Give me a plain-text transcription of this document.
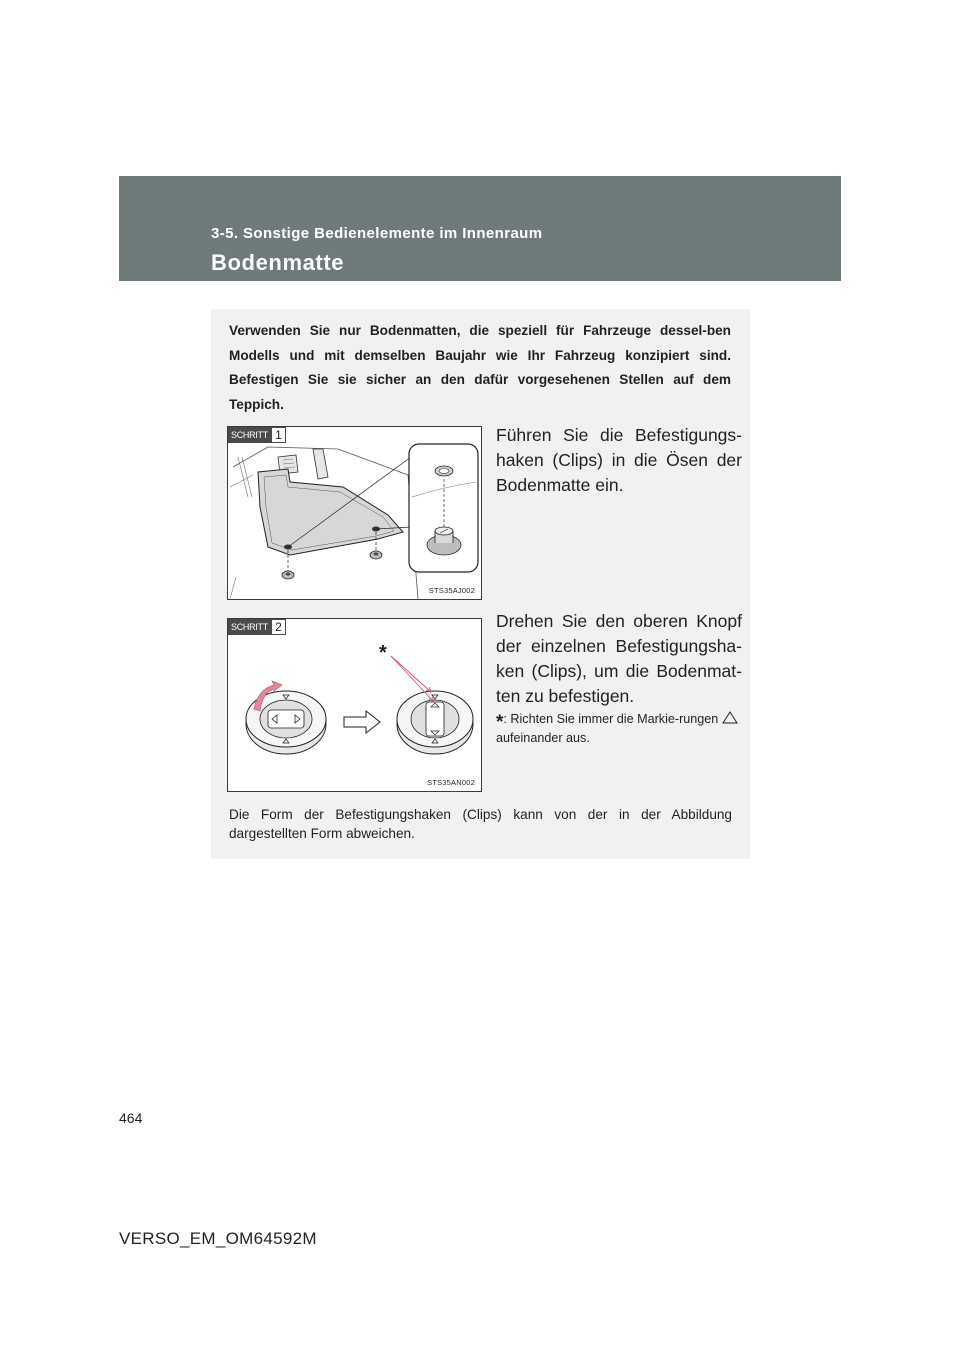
3-5. Sonstige Bedienelemente im Innenraum
Bodenmatte
Verwenden Sie nur Bodenmatten, die speziell für Fahrzeuge dessel-ben Modells und mit demselben Baujahr wie Ihr Fahrzeug konzipiert sind. Befestigen Sie sie sicher an den dafür vorgesehenen Stellen auf dem Teppich.
SCHRITT 1
STS35AJ002
Führen Sie die Befestigungs-haken (Clips) in die Ösen der Bodenmatte ein.
SCHRITT 2
*
STS35AN002
Drehen Sie den oberen Knopf der einzelnen Befestigungsha-ken (Clips), um die Bodenmat-ten zu befestigen.
*: Richten Sie immer die Markie-rungen  aufeinander aus.
Die Form der Befestigungshaken (Clips) kann von der in der Abbildung dargestellten Form abweichen.
464
VERSO_EM_OM64592M
